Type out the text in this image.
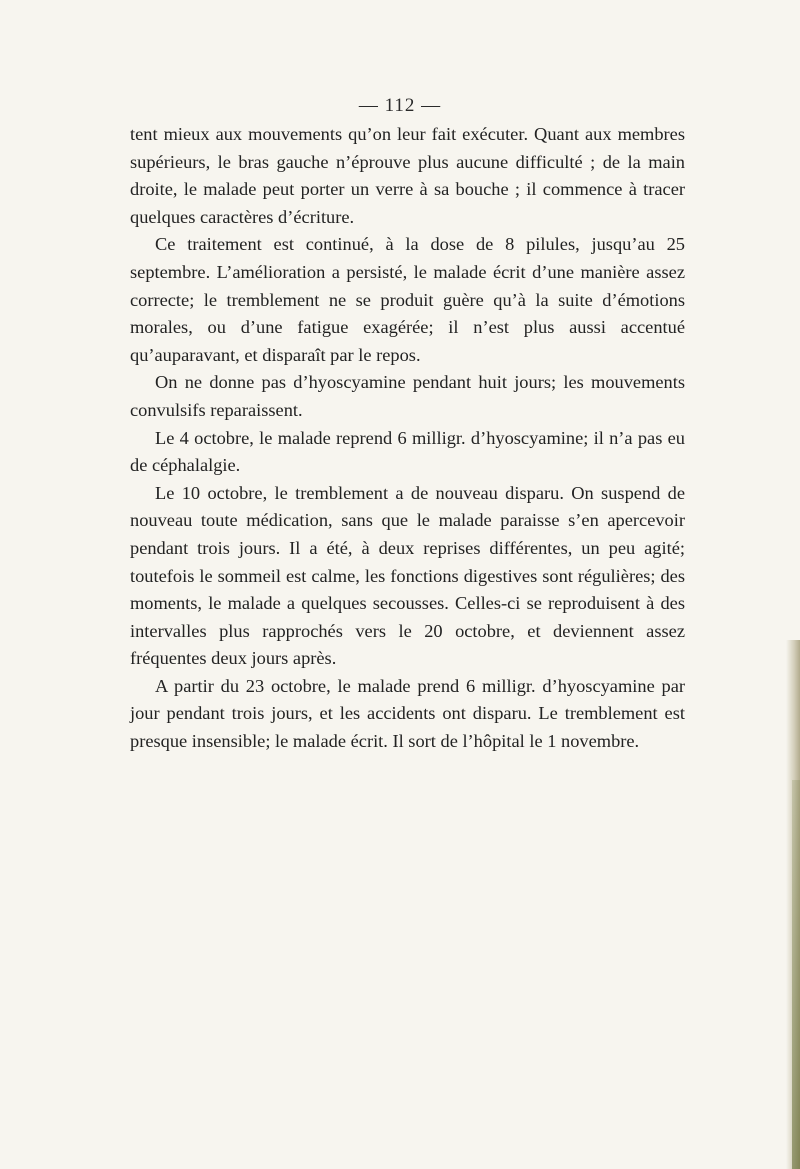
— 112 —

tent mieux aux mouvements qu’on leur fait exécuter. Quant aux membres supérieurs, le bras gauche n’éprouve plus aucune difficulté ; de la main droite, le malade peut porter un verre à sa bouche ; il commence à tracer quelques caractères d’écriture.

Ce traitement est continué, à la dose de 8 pilules, jusqu’au 25 septembre. L’amélioration a persisté, le malade écrit d’une manière assez correcte; le tremblement ne se produit guère qu’à la suite d’émotions morales, ou d’une fatigue exagérée; il n’est plus aussi accentué qu’auparavant, et disparaît par le repos.

On ne donne pas d’hyoscyamine pendant huit jours; les mouvements convulsifs reparaissent.

Le 4 octobre, le malade reprend 6 milligr. d’hyoscyamine; il n’a pas eu de céphalalgie.

Le 10 octobre, le tremblement a de nouveau disparu. On suspend de nouveau toute médication, sans que le malade paraisse s’en apercevoir pendant trois jours. Il a été, à deux reprises différentes, un peu agité; toutefois le sommeil est calme, les fonctions digestives sont régulières; des moments, le malade a quelques secousses. Celles-ci se reproduisent à des intervalles plus rapprochés vers le 20 octobre, et deviennent assez fréquentes deux jours après.

A partir du 23 octobre, le malade prend 6 milligr. d’hyoscyamine par jour pendant trois jours, et les accidents ont disparu. Le tremblement est presque insensible; le malade écrit. Il sort de l’hôpital le 1 novembre.
